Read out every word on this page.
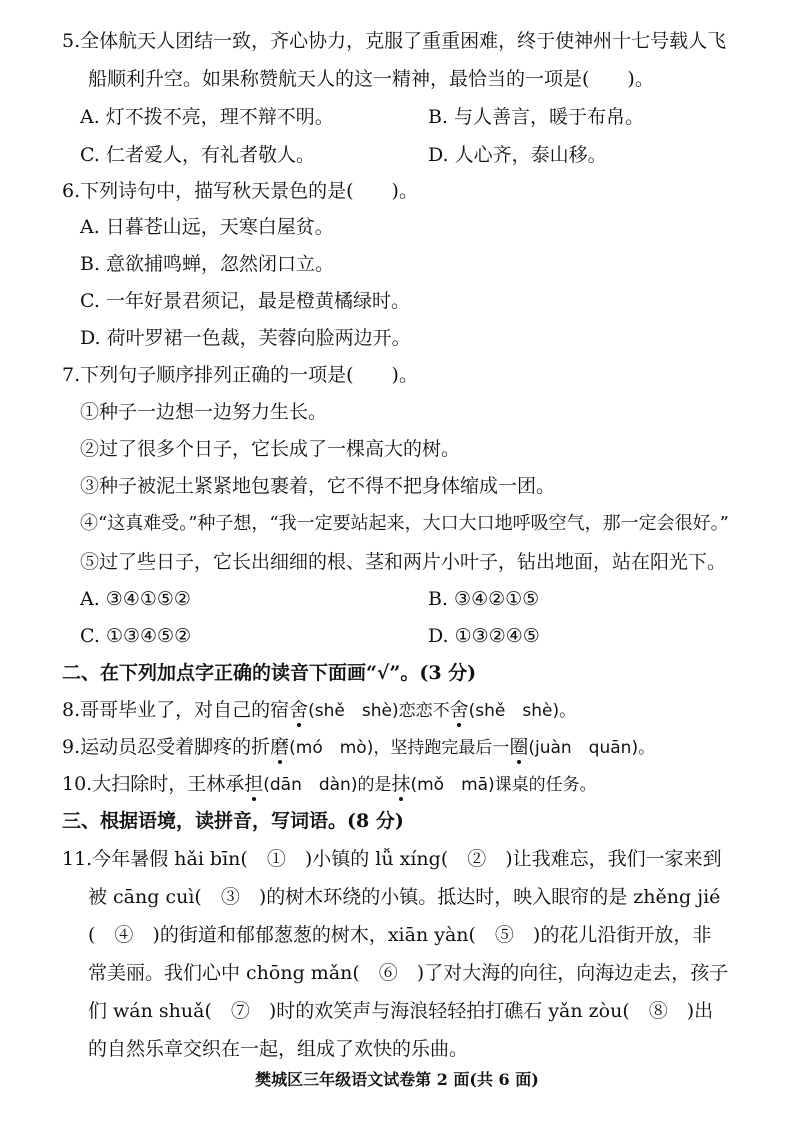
5.全体航天人团结一致，齐心协力，克服了重重困难，终于使神州十七号载人飞
船顺利升空。如果称赞航天人的这一精神，最恰当的一项是(　　)。
A. 灯不拨不亮，理不辩不明。	B. 与人善言，暖于布帛。
C. 仁者爱人，有礼者敬人。	D. 人心齐，泰山移。
6.下列诗句中，描写秋天景色的是(　　)。
A. 日暮苍山远，天寒白屋贫。
B. 意欲捕鸣蝉，忽然闭口立。
C. 一年好景君须记，最是橙黄橘绿时。
D. 荷叶罗裙一色裁，芙蓉向脸两边开。
7.下列句子顺序排列正确的一项是(　　)。
①种子一边想一边努力生长。
②过了很多个日子，它长成了一棵高大的树。
③种子被泥土紧紧地包裹着，它不得不把身体缩成一团。
④“这真难受。”种子想，“我一定要站起来，大口大口地呼吸空气，那一定会很好。”
⑤过了些日子，它长出细细的根、茎和两片小叶子，钻出地面，站在阳光下。
A. ③④①⑤②	B. ③④②①⑤
C. ①③④⑤②	D. ①③②④⑤
二、在下列加点字正确的读音下面画“√”。(3 分)
8.哥哥毕业了，对自己的宿舍(shě　shè)恋恋不舍(shě　shè)。
9.运动员忍受着脚疼的折磨(mó　mò)，坚持跑完最后一圈(juàn　quān)。
10.大扫除时，王林承担(dān　dàn)的是抹(mǒ　mā)课桌的任务。
三、根据语境，读拼音，写词语。(8 分)
11.今年暑假 hǎi bīn(　①　)小镇的 lǚ xíng(　②　)让我难忘，我们一家来到
被 cāng cuì(　③　)的树木环绕的小镇。抵达时，映入眼帘的是 zhěng jié
(　④　)的街道和郁郁葱葱的树木，xiān yàn(　⑤　)的花儿沿街开放，非
常美丽。我们心中 chōng mǎn(　⑥　)了对大海的向往，向海边走去，孩子
们 wán shuǎ(　⑦　)时的欢笑声与海浪轻轻拍打礁石 yǎn zòu(　⑧　)出
的自然乐章交织在一起，组成了欢快的乐曲。
樊城区三年级语文试卷第 2 面(共 6 面)
